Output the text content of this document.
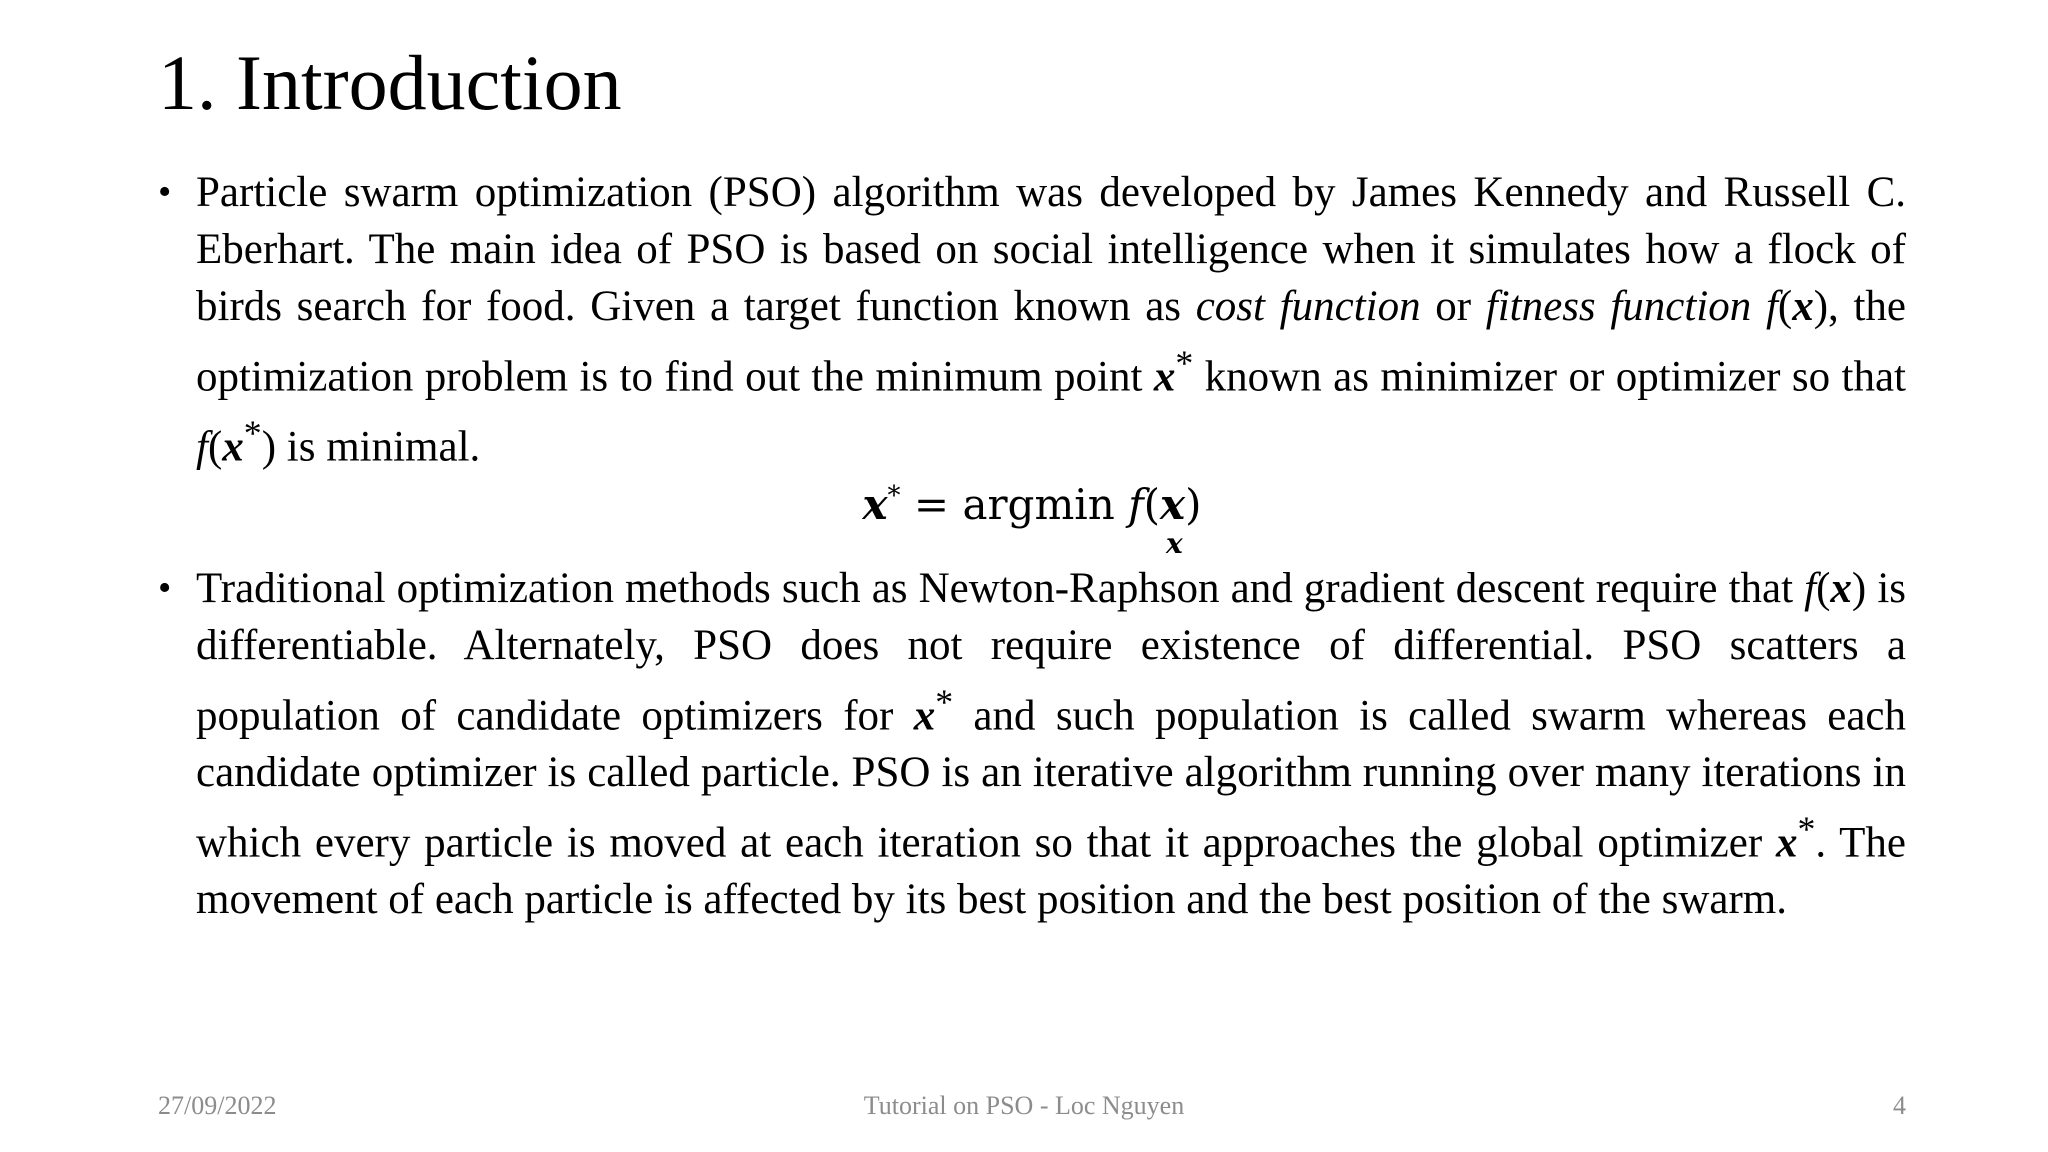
1. Introduction
• Particle swarm optimization (PSO) algorithm was developed by James Kennedy and Russell C. Eberhart. The main idea of PSO is based on social intelligence when it simulates how a flock of birds search for food. Given a target function known as cost function or fitness function f(x), the optimization problem is to find out the minimum point x* known as minimizer or optimizer so that f(x*) is minimal.
x* = argmin f(x)
x
• Traditional optimization methods such as Newton-Raphson and gradient descent require that f(x) is differentiable. Alternately, PSO does not require existence of differential. PSO scatters a population of candidate optimizers for x* and such population is called swarm whereas each candidate optimizer is called particle. PSO is an iterative algorithm running over many iterations in which every particle is moved at each iteration so that it approaches the global optimizer x*. The movement of each particle is affected by its best position and the best position of the swarm.
27/09/2022	Tutorial on PSO - Loc Nguyen	4
